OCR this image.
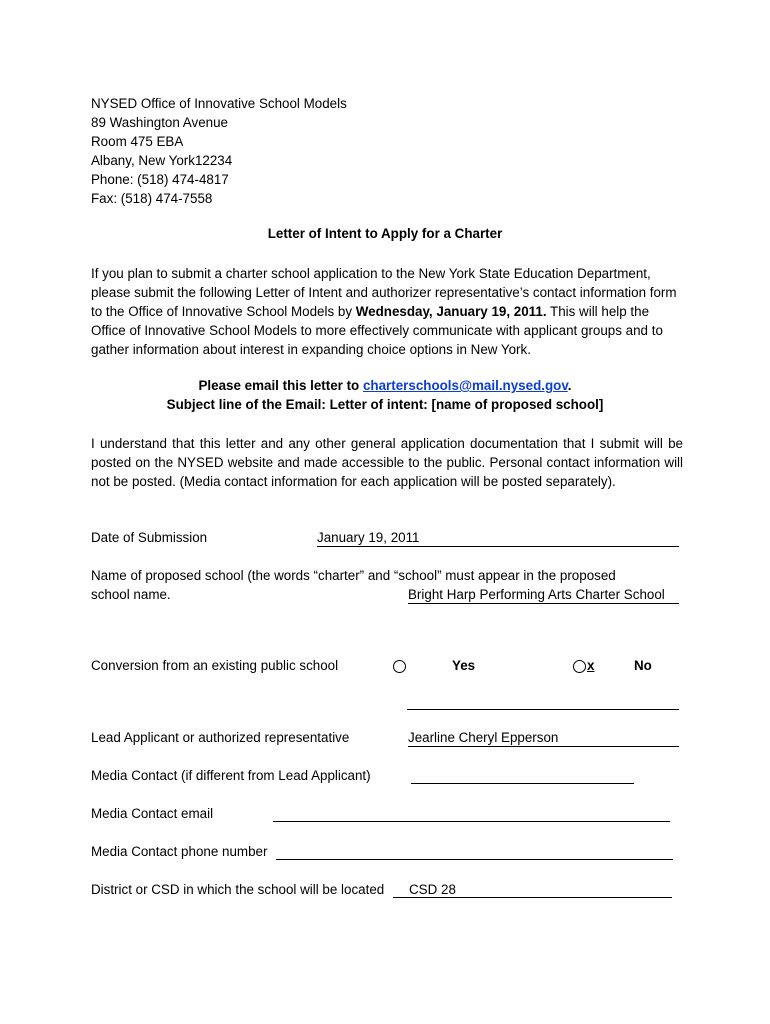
NYSED Office of Innovative School Models
89 Washington Avenue
Room 475 EBA
Albany, New York12234
Phone: (518) 474-4817
Fax: (518) 474-7558
Letter of Intent to Apply for a Charter
If you plan to submit a charter school application to the New York State Education Department, please submit the following Letter of Intent and authorizer representative’s contact information form to the Office of Innovative School Models by Wednesday, January 19, 2011. This will help the Office of Innovative School Models to more effectively communicate with applicant groups and to gather information about interest in expanding choice options in New York.
Please email this letter to charterschools@mail.nysed.gov.
Subject line of the Email: Letter of intent: [name of proposed school]
I understand that this letter and any other general application documentation that I submit will be posted on the NYSED website and made accessible to the public. Personal contact information will not be posted. (Media contact information for each application will be posted separately).
Date of Submission	January 19, 2011
Name of proposed school (the words “charter” and “school” must appear in the proposed
school name.	Bright Harp Performing Arts Charter School
Conversion from an existing public school	Yes	x	No
Lead Applicant or authorized representative	Jearline Cheryl Epperson
Media Contact (if different from Lead Applicant)
Media Contact email
Media Contact phone number
District or CSD in which the school will be located CSD 28
